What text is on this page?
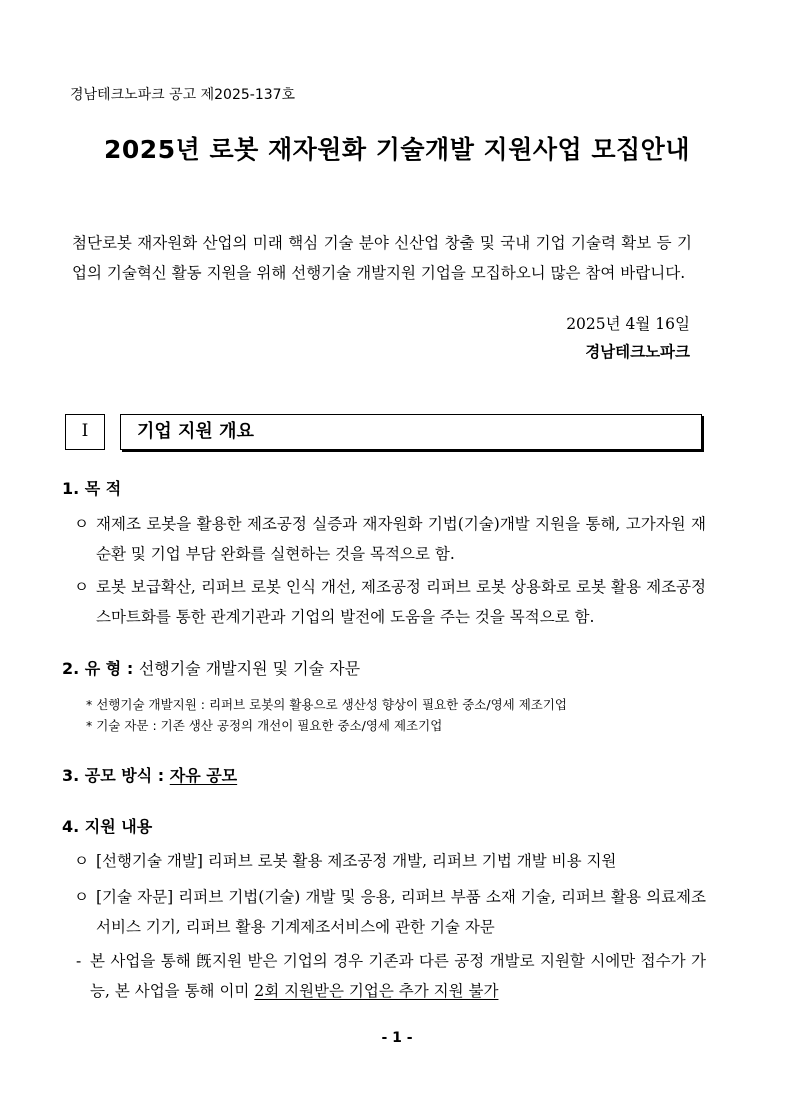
경남테크노파크 공고 제2025-137호
2025년 로봇 재자원화 기술개발 지원사업 모집안내
첨단로봇 재자원화 산업의 미래 핵심 기술 분야 신산업 창출 및 국내 기업 기술력 확보 등 기업의 기술혁신 활동 지원을 위해 선행기술 개발지원 기업을 모집하오니 많은 참여 바랍니다.
2025년 4월 16일
경남테크노파크
I	기업 지원 개요
1. 목 적
ㅇ 재제조 로봇을 활용한 제조공정 실증과 재자원화 기법(기술)개발 지원을 통해, 고가자원 재순환 및 기업 부담 완화를 실현하는 것을 목적으로 함.
ㅇ 로봇 보급확산, 리퍼브 로봇 인식 개선, 제조공정 리퍼브 로봇 상용화로 로봇 활용 제조공정 스마트화를 통한 관계기관과 기업의 발전에 도움을 주는 것을 목적으로 함.
2. 유 형 : 선행기술 개발지원 및 기술 자문
* 선행기술 개발지원 : 리퍼브 로봇의 활용으로 생산성 향상이 필요한 중소/영세 제조기업
* 기술 자문 : 기존 생산 공정의 개선이 필요한 중소/영세 제조기업
3. 공모 방식 : 자유 공모
4. 지원 내용
ㅇ [선행기술 개발] 리퍼브 로봇 활용 제조공정 개발, 리퍼브 기법 개발 비용 지원
ㅇ [기술 자문] 리퍼브 기법(기술) 개발 및 응용, 리퍼브 부품 소재 기술, 리퍼브 활용 의료제조서비스 기기, 리퍼브 활용 기계제조서비스에 관한 기술 자문
- 본 사업을 통해 旣지원 받은 기업의 경우 기존과 다른 공정 개발로 지원할 시에만 접수가 가능, 본 사업을 통해 이미 2회 지원받은 기업은 추가 지원 불가
- 1 -
